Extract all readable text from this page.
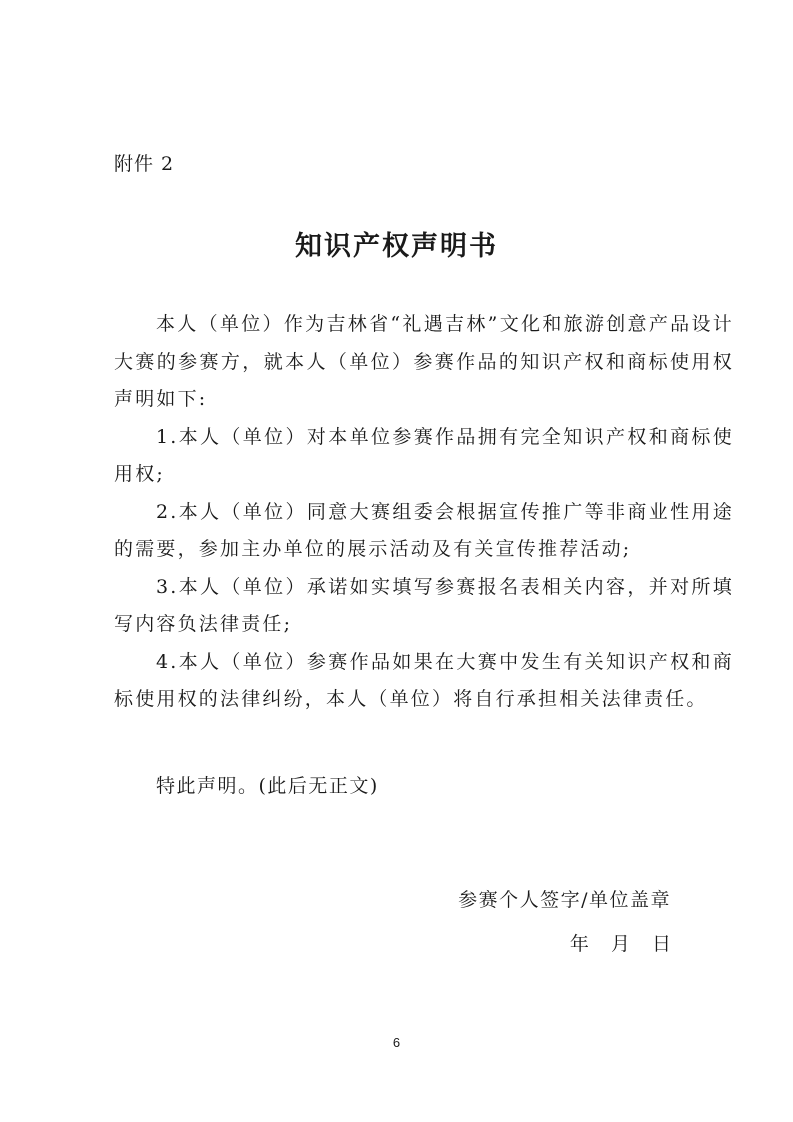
附件 2
知识产权声明书

本人（单位）作为吉林省“礼遇吉林”文化和旅游创意产品设计大赛的参赛方，就本人（单位）参赛作品的知识产权和商标使用权声明如下:

1.本人（单位）对本单位参赛作品拥有完全知识产权和商标使用权;

2.本人（单位）同意大赛组委会根据宣传推广等非商业性用途的需要，参加主办单位的展示活动及有关宣传推荐活动;

3.本人（单位）承诺如实填写参赛报名表相关内容，并对所填写内容负法律责任;

4.本人（单位）参赛作品如果在大赛中发生有关知识产权和商标使用权的法律纠纷，本人（单位）将自行承担相关法律责任。

特此声明。(此后无正文)
参赛个人签字/单位盖章
年 月 日
6
